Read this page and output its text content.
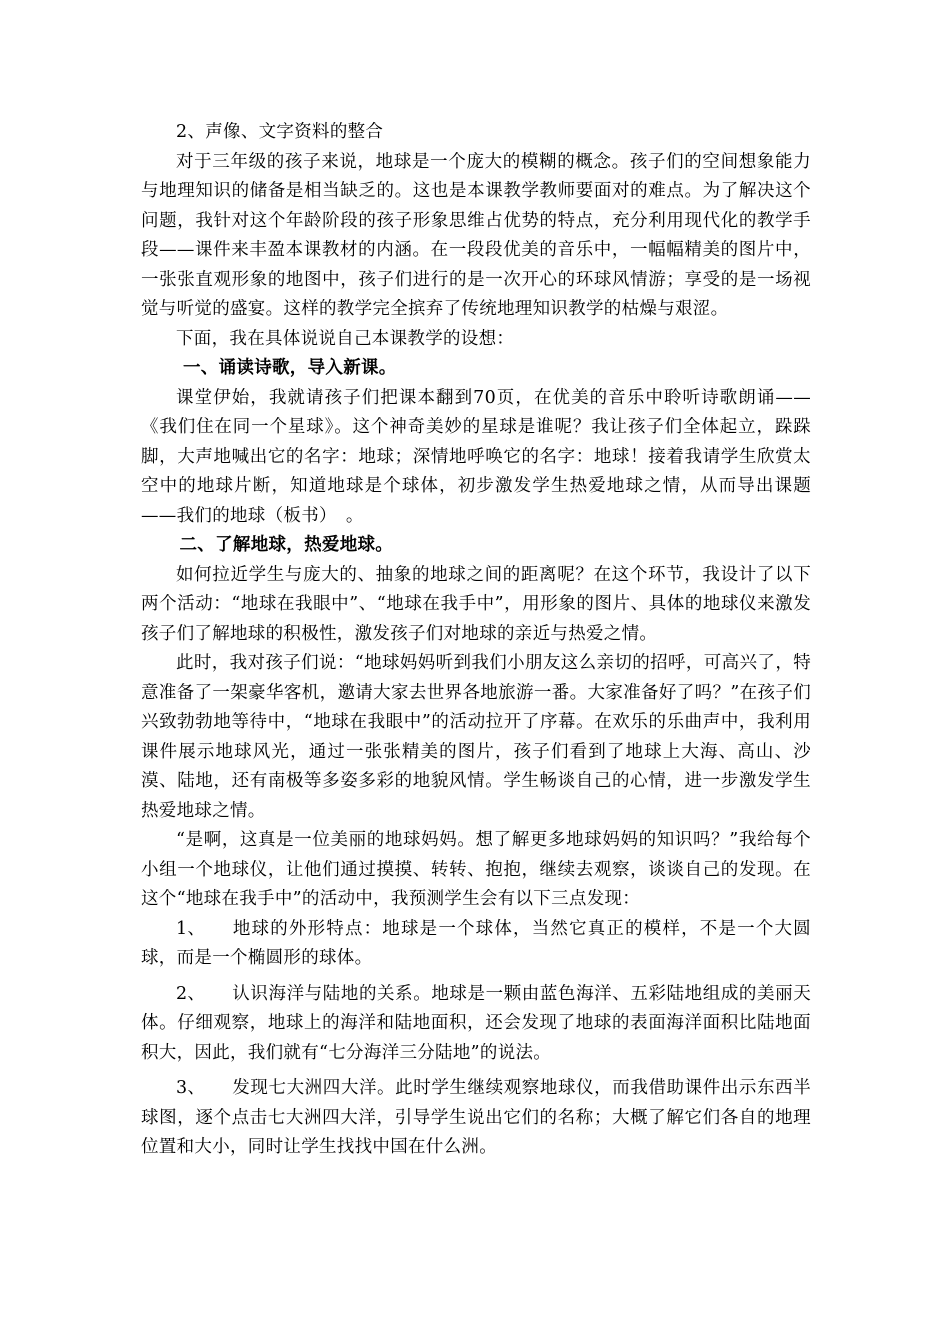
2、声像、文字资料的整合

对于三年级的孩子来说，地球是一个庞大的模糊的概念。孩子们的空间想象能力与地理知识的储备是相当缺乏的。这也是本课教学教师要面对的难点。为了解决这个问题，我针对这个年龄阶段的孩子形象思维占优势的特点，充分利用现代化的教学手段——课件来丰盈本课教材的内涵。在一段段优美的音乐中，一幅幅精美的图片中，一张张直观形象的地图中，孩子们进行的是一次开心的环球风情游；享受的是一场视觉与听觉的盛宴。这样的教学完全摈弃了传统地理知识教学的枯燥与艰涩。

下面，我在具体说说自己本课教学的设想：

一、诵读诗歌，导入新课。

课堂伊始，我就请孩子们把课本翻到70页，在优美的音乐中聆听诗歌朗诵——《我们住在同一个星球》。这个神奇美妙的星球是谁呢？我让孩子们全体起立，跺跺脚，大声地喊出它的名字：地球；深情地呼唤它的名字：地球！接着我请学生欣赏太空中的地球片断，知道地球是个球体，初步激发学生热爱地球之情，从而导出课题——我们的地球（板书）　。

二、了解地球，热爱地球。

如何拉近学生与庞大的、抽象的地球之间的距离呢？在这个环节，我设计了以下两个活动：“地球在我眼中”、“地球在我手中”，用形象的图片、具体的地球仪来激发孩子们了解地球的积极性，激发孩子们对地球的亲近与热爱之情。

此时，我对孩子们说：“地球妈妈听到我们小朋友这么亲切的招呼，可高兴了，特意准备了一架豪华客机，邀请大家去世界各地旅游一番。大家准备好了吗？”在孩子们兴致勃勃地等待中，“地球在我眼中”的活动拉开了序幕。在欢乐的乐曲声中，我利用课件展示地球风光，通过一张张精美的图片，孩子们看到了地球上大海、高山、沙漠、陆地，还有南极等多姿多彩的地貌风情。学生畅谈自己的心情，进一步激发学生热爱地球之情。

“是啊，这真是一位美丽的地球妈妈。想了解更多地球妈妈的知识吗？”我给每个小组一个地球仪，让他们通过摸摸、转转、抱抱，继续去观察，谈谈自己的发现。在这个“地球在我手中”的活动中，我预测学生会有以下三点发现：

1、 地球的外形特点：地球是一个球体，当然它真正的模样，不是一个大圆球，而是一个椭圆形的球体。

2、 认识海洋与陆地的关系。地球是一颗由蓝色海洋、五彩陆地组成的美丽天体。仔细观察，地球上的海洋和陆地面积，还会发现了地球的表面海洋面积比陆地面积大，因此，我们就有“七分海洋三分陆地”的说法。

3、 发现七大洲四大洋。此时学生继续观察地球仪，而我借助课件出示东西半球图，逐个点击七大洲四大洋，引导学生说出它们的名称；大概了解它们各自的地理位置和大小，同时让学生找找中国在什么洲。
